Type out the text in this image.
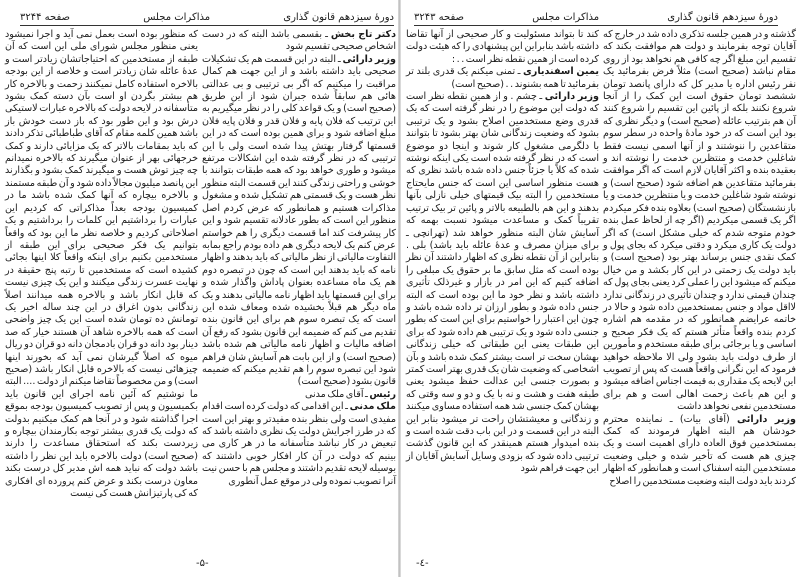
دورهٔ سیزدهم قانون گذاری
مذاکرات مجلس
صفحه ۳۲۴۴

دکتر تاج بخش ـ بقسمی باشد البته که در دست اشخاص صحیحی تقسیم شود

وزیر دارائی ـ البته در این قسمت هم یک تشکیلات صحیحی باید داشته باشد و از این جهت هم کمال مراقبت را میکنیم که اگر بی ترتیبی و بی عدالتی هائی هم سابقاً شده جبران شود از این طریق (صحیح است) و یک قواعد کلی را در نظر میگیریم به این ترتیب که فلان پایه و فلان قدر و فلان پایه فلان مبلغ اضافه شود و برای همین بوده است که در این قسمتها گرفتار بهتش پیدا شده است ولی با این ترتیبی که در نظر گرفته شده این اشکالات مرتفع میشود و طوری خواهد بود که همه طبقات بتوانند با خوشی و راحتی زندگی کنند این قسمت البته منظور نظر هست و یک قسمتی هم تشکیل شده و مشغول مذاکرات هستیم و همانطور که عرض کردم اصل منظور این است که بطور عادلانه تقسیم شود و این کار پیشرفت کند اما قسمت دیگری را هم خواستم عرض کنم یک لایحه دیگری هم داده بودم راجع بمابه التفاوت مالیاتی از نظر مالیاتی که باید بدهند و اظهار نامه که باید بدهند این است که چون در تبصره دوم هم یک ماه مساعده بعنوان پاداش واگذار شده و برای این قسمتها باید اظهار نامه مالیاتی بدهند و یک ماه دیگر هم قبلاً بخشیده شده ومعاف شده این است که یک تبصره سوم هم برای این قانون بنده تقدیم می کنم که ضمیمه این قانون بشود که رفع آن اضافه مالیات و اظهار نامه مالیاتی هم شده باشد (صحیح است) و از این بابت هم آسایش شان فراهم شود این تبصره سوم را هم تقدیم میکنم که ضمیمه قانون بشود (صحیح است)

رئیس ـ آقای ملک مدنی

ملک مدنی ـ این اقدامی که دولت کرده است اقدام مفیدی است ولی بنظر بنده مفیدتر و بهتر این است که در طرز اجرایش دولت یک نظری داشته باشد که تبعیض در کار نباشد متأسفانه ما در هر کاری می بینیم که دولت در آن کار افکار خوبی داشتند که بوسیله لایحه تقدیم داشتند و مجلس هم با حسن نیت آنرا تصویب نموده ولی در موقع عمل آنطوری

که منظور بوده است بعمل نمی آید و اجرا نمیشود یعنی منظور مجلس شورای ملی این است که آن طبقه از مستخدمین که احتیاجاتشان زیادتر است و عدهٔ عائله شان زیادتر است و خلاصه از این بودجه بالاخره استفاده کامل نمیکنند زحمت و بالاخره کار هم بیشتر بگردن او است بآن دسته کمک بشود متأسفانه در لایحه دولت که بالاخره عبارات لاستیکی درش بود و این طور بود که باز دست خودش باز باشد همین کلمه مقام که آقای طباطبائی تذکر دادند که باید بمقامات بالاتر که یک مزایائی دارند و کمک خرجهائی بهر از عنوان میگیرند که بالاخره نمیدانم چه چیز توش هست و میگیرند کمک بشود و بگذارند این پانصد میلیون مجالاً داده شود و آن طبقه مستمند و بالاخره بیچاره که آنها کمک شده باشد ما در کمیسیون بودجه بعداً مذاکراتی که کردیم این عبارات را برداشتیم این کلمات را برداشتیم و یک اصلاحاتی کردیم و خلاصه نظر ما این بود که واقعاً بتوانیم یک فکر صحیحی برای این طبقه از مستخدمین بکنیم برای اینکه واقعاً کلا اینها بجائی کشیده است که مستخدمین تا رتبه پنج حقیقة در نهایت عسرت زندگی میکنند و این یک چیزی نیست که قابل انکار باشد و بالاخره همه میدانند اصلاً زندگانی بدون اغراق در این چند ساله اخیر یک تومانش ده تومان شده است این یک چیز واضحی است که همه بالاخره شاهد آن هستند خیار که صد دینار بود دانه دو قران بادمجان دانه دو قران دو ریال میوه که اصلاً گیرشان نمی آید که بخورند اینها چیزهائی نیست که بالاخره قابل انکار باشد (صحیح است) و من مخصوصاً تقاضا میکنم از دولت .... البته ما نوشتیم که آئین نامه اجرای این قانون باید بکمیسیون و پس از تصویب کمیسیون بودجه بموقع اجرا گذاشته شود و در آنجا هم کمک میکنیم بدولت که دولت یک قدری بیشتر توجه بکارمندان بیچاره و زیردست بکند که استحقاق مساعدت را دارند (صحیح است) دولت بالاخره باید این نظر را داشته باشد دولت که نباید همه اش مدیر کل درست بکند معاون درست بکند و عرض کنم پرورده ای افکاری که کی پارتیزانش هست کی نیست

-۵-
دورهٔ سیزدهم قانون گذاری
مذاکرات مجلس
صفحه ۳۲۴۳

گذشته و در همین جلسه تذکری داده شد در خارج که آقایان توجه بفرمایند و دولت هم موافقت بکند که تقسیم این مبلغ اگر چه کافی هم نخواهد بود از روی مقام نباشد (صحیح است) مثلاً فرض بفرمائید یک نفر رئیس اداره یا مدیر کل که دارای پانصد تومان ششصد تومان حقوق است این کمک را از آنجا شروع نکنند بلکه از پائین این تقسیم را شروع کنند آن هم بترتیب عائله (صحیح است) و دیگر نظری که بود این است که در خود مادهٔ واحده در سطر سوم متقاعدین را ننوشتند و از آنها اسمی نیست فقط شاغلین خدمت و منتظرین خدمت را نوشته اند و بعقیده بنده و اکثر آقایان لازم است که اگر موافقت بفرمائید متقاعدین هم اضافه شود (صحیح است) و نوشته شود شاغلین خدمت و یا منتظرین خدمت و یا بازنشستگان (صحیح است) بعلاوه بنده فکر میکردم اگر یک قسمی میکردیم (اگر چه از لحاظ عمل بنده خودم متوجه شدم که خیلی مشکل است) که اگر دولت یک کاری میکرد و دقتی میکرد که بجای پول و کمک نقدی جنس برساند بهتر بود (صحیح است) و باید دولت یک زحمتی در این کار بکشد و من خیال میکنم که میشود این را عملی کرد یعنی بجای پول که چندان قیمتی ندارد و چندان تأثیری در زندگانی ندارد لااقل مواد و جنس بمستخدمین داده شود و حالا در خاتمه عرایضم همانطور که در مقدمه هم اشاره کردم بنده واقعاً متأثر هستم که یک فکر صحیح و اساسی و یا برجائی برای طبقه مستخدم و مأمورین از طرف دولت باید بشود ولی الا ملاحظه خواهید فرمود که این نگرانی واقعاً هست که پس از تصویب این لایحه یک مقداری به قیمت اجناس اضافه میشود و این هم باعث زحمت اهالی است و هم برای مستخدمین نفعی نخواهد داشت

وزیر دارائی (آقای بیات) ـ نماینده محترم خودشان هم البته اظهار فرمودند که کمک بمستخدمین فوق العاده دارای اهمیت است و یک چیزی هم هست که تأخیر شده و خیلی وضعیت مستخدمین البته اسفناک است و همانطور که اظهار کردند باید دولت البته وضعیت مستخدمین را اصلاح

کند تا بتواند مسئولیت و کار صحیحی از آنها تقاضا داشته باشد بنابراین این پیشنهادی را که هیئت دولت کرده است از همین نقطه نظر است . . :

یمین اسفندیاری ـ تمنی میکنم یک قدری بلند تر بفرمائید تا همه بشنوند . . (صحیح است)

وزیر دارائی ـ چشم . و از همین نقطه نظر است که دولت این موضوع را در نظر گرفته است که یک قدری وضع مستخدمین اصلاح بشود و یک ترتیبی بشود که وضعیت زندگانی شان بهتر بشود تا بتوانند با دلگرمی مشغول کار شوند و اینجا دو موضوع است که در نظر گرفته شده است یکی اینکه نوشته شده که کلاً یا جزئاً جنس داده شده باشد نظری که هست منظور اساسی این است که جنس مایحتاج مستخدمین را البته بیک قیمتهای خیلی نازلی بآنها بدهند و این هم بالطبیعه بالاتر و پائین تر بیک ترتیب تقریباً کمک و مساعدت میشود نسبت بهمه که آسایش شان البته منظور خواهد شد (تهرانچی ـ برای میزان مصرف و عدهٔ عائله باید باشد) بلی . بنابراین از آن نقطه نظری که اظهار داشتند آن نظر بوده است که مثل سابق ما بر حقوق یک مبلغی را اضافه کنیم که این امر در بازار و غیرذلک تأثیری داشته باشد و نظر خود ما این بوده است که البته جنس داده شود و بطور ارزان تر داده شده باشد و چون این اعتبار را خواستیم برای این است که بطور جنسی داده شود و یک ترتیبی هم داده شود که برای این طبقات یعنی این طبقاتی که خیلی زندگانی بهشان سخت تر است بیشتر کمک شده باشد و بآن اشخاصی که وضعیت شان یک قدری بهتر است کمتر و بصورت جنسی این عدالت حفظ میشود یعنی طبقه هفت و هشت و نه با یک و دو و سه وقتی که بهشان کمک جنسی شد همه استفاده مساوی میکنند و زندگانی و معیشتشان راحت تر میشود بنابر این البته در این قسمت و در این باب دقت شده است و بنده امیدوار هستم همینقدر که این قانون گذشت ترتیبی داده شود که بزودی وسایل آسایش آقایان از این جهت فراهم شود

-٤-
